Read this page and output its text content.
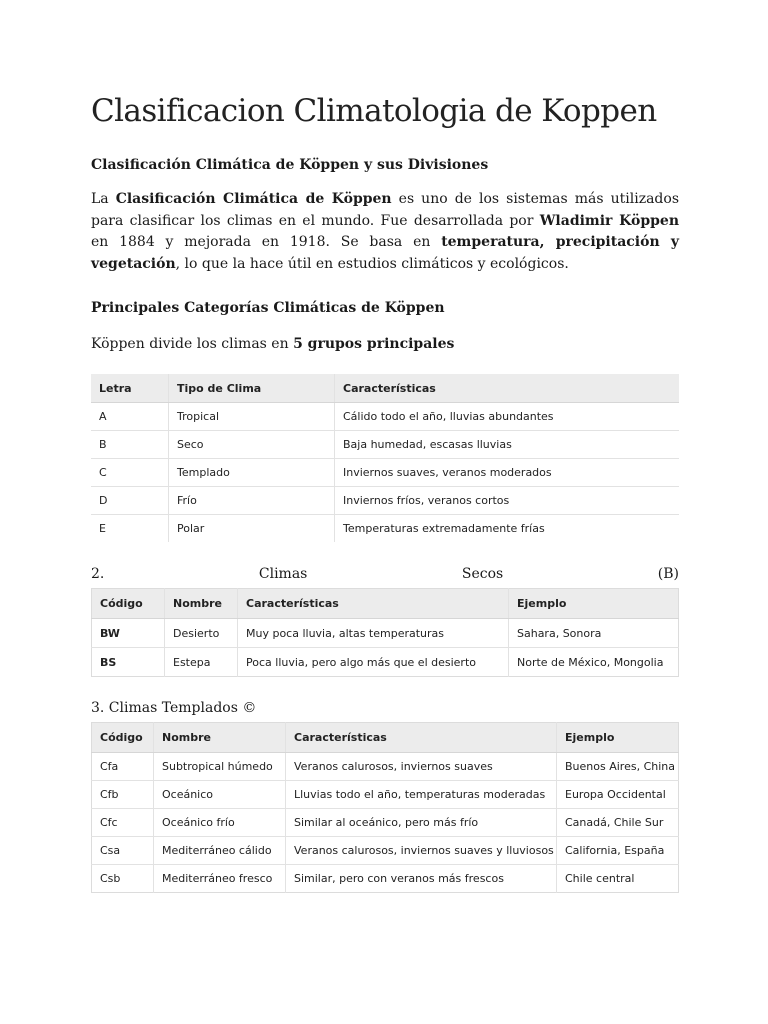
Clasificacion Climatologia de Koppen
Clasificación Climática de Köppen y sus Divisiones

La Clasificación Climática de Köppen es uno de los sistemas más utilizados para clasificar los climas en el mundo. Fue desarrollada por Wladimir Köppen en 1884 y mejorada en 1918. Se basa en temperatura, precipitación y vegetación, lo que la hace útil en estudios climáticos y ecológicos.

Principales Categorías Climáticas de Köppen

Köppen divide los climas en 5 grupos principales

Letra	Tipo de Clima	Características
A	Tropical	Cálido todo el año, lluvias abundantes
B	Seco	Baja humedad, escasas lluvias
C	Templado	Inviernos suaves, veranos moderados
D	Frío	Inviernos fríos, veranos cortos
E	Polar	Temperaturas extremadamente frías
2.	Climas	Secos	(B)
Código	Nombre	Características	Ejemplo
BW	Desierto	Muy poca lluvia, altas temperaturas	Sahara, Sonora
BS	Estepa	Poca lluvia, pero algo más que el desierto	Norte de México, Mongolia
3. Climas Templados ©
Código	Nombre	Características	Ejemplo
Cfa	Subtropical húmedo	Veranos calurosos, inviernos suaves	Buenos Aires, China
Cfb	Oceánico	Lluvias todo el año, temperaturas moderadas	Europa Occidental
Cfc	Oceánico frío	Similar al oceánico, pero más frío	Canadá, Chile Sur
Csa	Mediterráneo cálido	Veranos calurosos, inviernos suaves y lluviosos	California, España
Csb	Mediterráneo fresco	Similar, pero con veranos más frescos	Chile central
